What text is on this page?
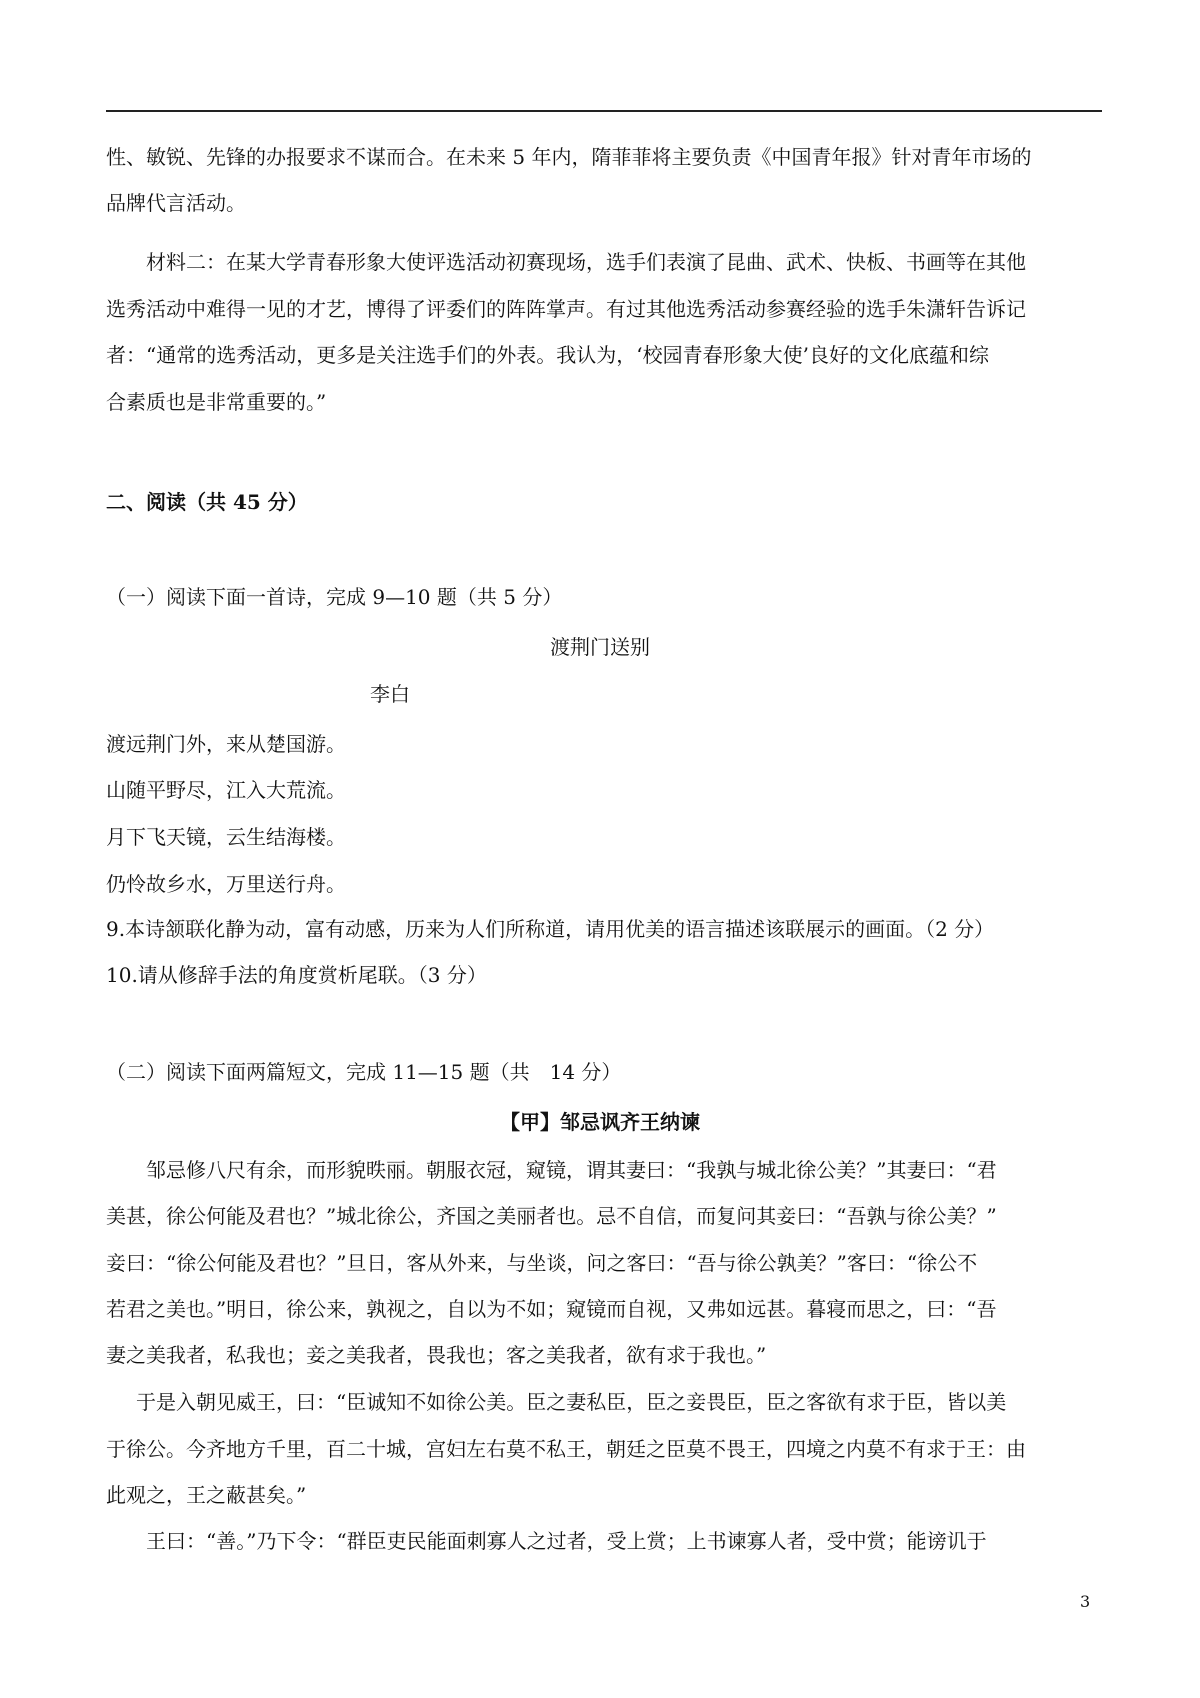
性、敏锐、先锋的办报要求不谋而合。在未来 5 年内，隋菲菲将主要负责《中国青年报》针对青年市场的
品牌代言活动。
材料二：在某大学青春形象大使评选活动初赛现场，选手们表演了昆曲、武术、快板、书画等在其他
选秀活动中难得一见的才艺，博得了评委们的阵阵掌声。有过其他选秀活动参赛经验的选手朱潇轩告诉记
者：“通常的选秀活动，更多是关注选手们的外表。我认为，‘校园青春形象大使’良好的文化底蕴和综
合素质也是非常重要的。”
二、阅读（共 45 分）
（一）阅读下面一首诗，完成 9—10 题（共 5 分）
渡荆门送别
李白
渡远荆门外，来从楚国游。
山随平野尽，江入大荒流。
月下飞天镜，云生结海楼。
仍怜故乡水，万里送行舟。
9.本诗颔联化静为动，富有动感，历来为人们所称道，请用优美的语言描述该联展示的画面。（2 分）
10.请从修辞手法的角度赏析尾联。（3 分）
（二）阅读下面两篇短文，完成 11—15 题（共　14 分）
【甲】邹忌讽齐王纳谏
邹忌修八尺有余，而形貌昳丽。朝服衣冠，窥镜，谓其妻曰：“我孰与城北徐公美？”其妻曰：“君
美甚，徐公何能及君也？”城北徐公，齐国之美丽者也。忌不自信，而复问其妾曰：“吾孰与徐公美？”
妾曰：“徐公何能及君也？”旦日，客从外来，与坐谈，问之客曰：“吾与徐公孰美？”客曰：“徐公不
若君之美也。”明日，徐公来，孰视之，自以为不如；窥镜而自视，又弗如远甚。暮寝而思之，曰：“吾
妻之美我者，私我也；妾之美我者，畏我也；客之美我者，欲有求于我也。”
于是入朝见威王，曰：“臣诚知不如徐公美。臣之妻私臣，臣之妾畏臣，臣之客欲有求于臣，皆以美
于徐公。今齐地方千里，百二十城，宫妇左右莫不私王，朝廷之臣莫不畏王，四境之内莫不有求于王：由
此观之，王之蔽甚矣。”
王曰：“善。”乃下令：“群臣吏民能面刺寡人之过者，受上赏；上书谏寡人者，受中赏；能谤讥于
3
